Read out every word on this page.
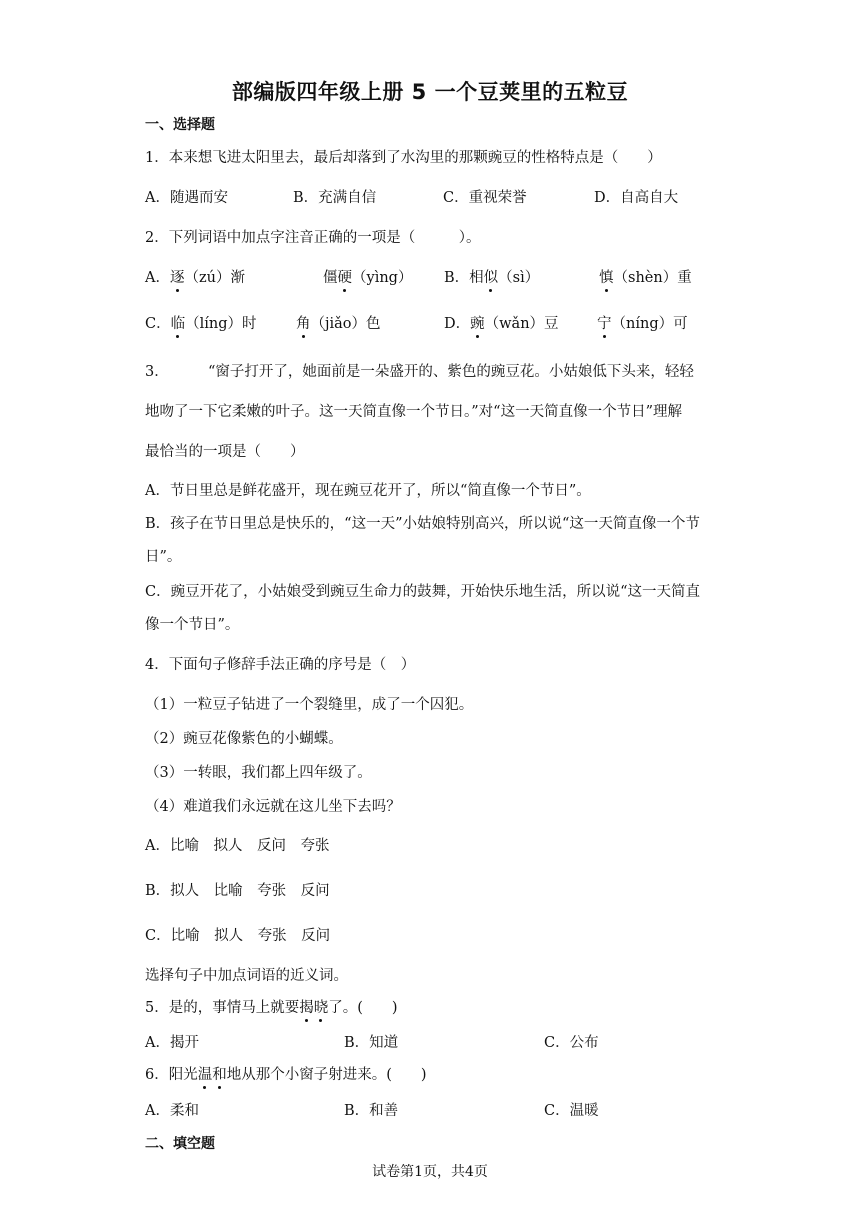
部编版四年级上册 5 一个豆荚里的五粒豆
一、选择题
1．本来想飞进太阳里去，最后却落到了水沟里的那颗豌豆的性格特点是（　　）
A．随遇而安	B．充满自信	C．重视荣誉	D．自高自大
2．下列词语中加点字注音正确的一项是（　　　）。
A．逐（zú）渐	僵硬（yìng） B．相似（sì）	慎（shèn）重
C．临（líng）时	角（jiǎo）色	D．豌（wǎn）豆	宁（níng）可
3．	“窗子打开了，她面前是一朵盛开的、紫色的豌豆花。小姑娘低下头来，轻轻
地吻了一下它柔嫩的叶子。这一天简直像一个节日。”对“这一天简直像一个节日”理解
最恰当的一项是（　　）
A．节日里总是鲜花盛开，现在豌豆花开了，所以“简直像一个节日”。
B．孩子在节日里总是快乐的，“这一天”小姑娘特别高兴，所以说“这一天简直像一个节
日”。
C．豌豆开花了，小姑娘受到豌豆生命力的鼓舞，开始快乐地生活，所以说“这一天简直
像一个节日”。
4．下面句子修辞手法正确的序号是（　）
（1）一粒豆子钻进了一个裂缝里，成了一个囚犯。
（2）豌豆花像紫色的小蝴蝶。
（3）一转眼，我们都上四年级了。
（4）难道我们永远就在这儿坐下去吗？
A．比喻　拟人　反问　夸张
B．拟人　比喻　夸张　反问
C．比喻　拟人　夸张　反问
选择句子中加点词语的近义词。
5．是的，事情马上就要揭晓了。(　　)
A．揭开	B．知道	C．公布
6．阳光温和地从那个小窗子射进来。(　　)
A．柔和	B．和善	C．温暖
二、填空题
试卷第1页，共4页
